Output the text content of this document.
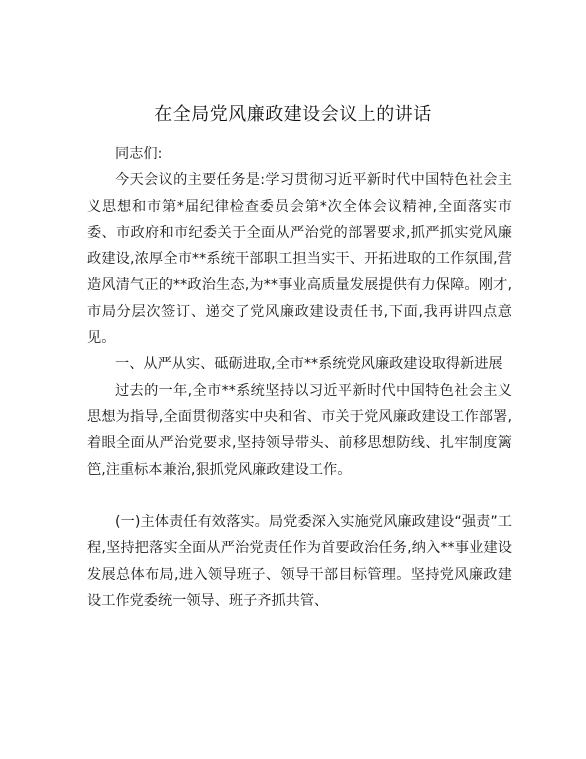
在全局党风廉政建设会议上的讲话

同志们:

今天会议的主要任务是:学习贯彻习近平新时代中国特色社会主义思想和市第*届纪律检查委员会第*次全体会议精神,全面落实市委、市政府和市纪委关于全面从严治党的部署要求,抓严抓实党风廉政建设,浓厚全市**系统干部职工担当实干、开拓进取的工作氛围,营造风清气正的**政治生态,为**事业高质量发展提供有力保障。刚才,市局分层次签订、递交了党风廉政建设责任书,下面,我再讲四点意见。

一、从严从实、砥砺进取,全市**系统党风廉政建设取得新进展

过去的一年,全市**系统坚持以习近平新时代中国特色社会主义思想为指导,全面贯彻落实中央和省、市关于党风廉政建设工作部署,着眼全面从严治党要求,坚持领导带头、前移思想防线、扎牢制度篱笆,注重标本兼治,狠抓党风廉政建设工作。

(一)主体责任有效落实。局党委深入实施党风廉政建设“强责”工程,坚持把落实全面从严治党责任作为首要政治任务,纳入**事业建设发展总体布局,进入领导班子、领导干部目标管理。坚持党风廉政建设工作党委统一领导、班子齐抓共管、
